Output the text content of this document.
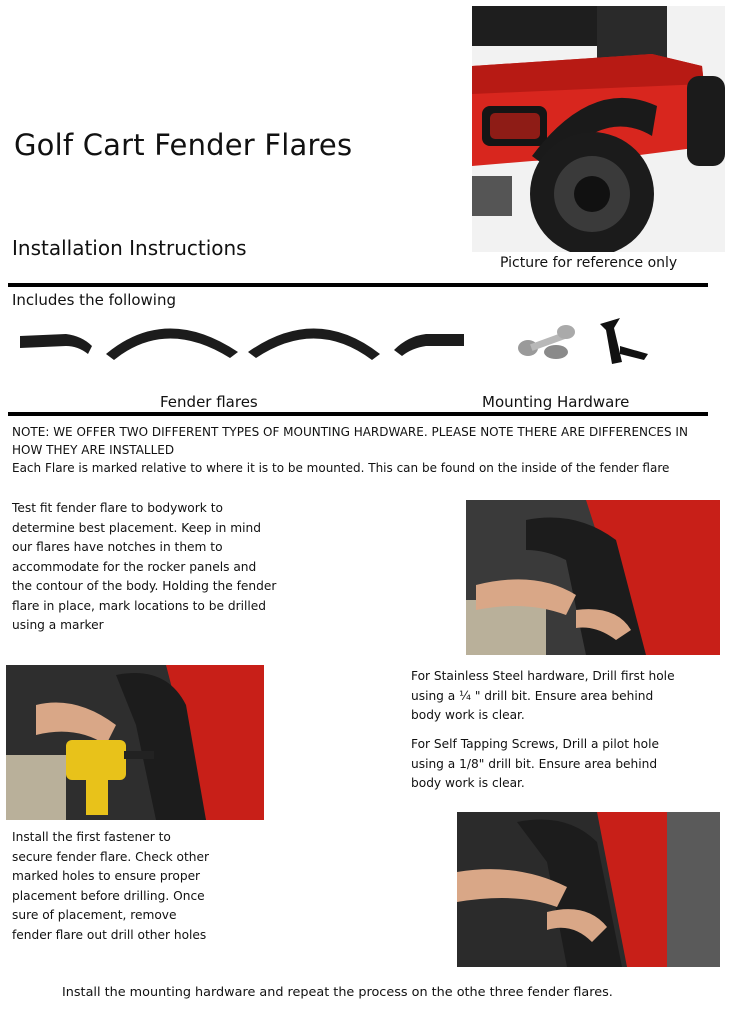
Golf Cart Fender Flares
Installation Instructions
Picture for reference only
Includes the following
Fender flares	Mounting Hardware
NOTE: WE OFFER TWO DIFFERENT TYPES OF MOUNTING HARDWARE. PLEASE NOTE THERE ARE DIFFERENCES IN
HOW THEY ARE INSTALLED
Each Flare is marked relative to where it is to be mounted. This can be found on the inside of the fender flare
Test fit fender flare to bodywork to
determine best placement. Keep in mind
our flares have notches in them to
accommodate for the rocker panels and
the contour of the body. Holding the fender
flare in place, mark locations to be drilled
using a marker
For Stainless Steel hardware, Drill first hole
using a ¼ " drill bit. Ensure area behind
body work is clear.
For Self Tapping Screws, Drill a pilot hole
using a 1/8" drill bit. Ensure area behind
body work is clear.
Install the first fastener to
secure fender flare. Check other
marked holes to ensure proper
placement before drilling. Once
sure of placement, remove
fender flare out drill other holes
Install the mounting hardware and repeat the process on the othe three fender flares.
